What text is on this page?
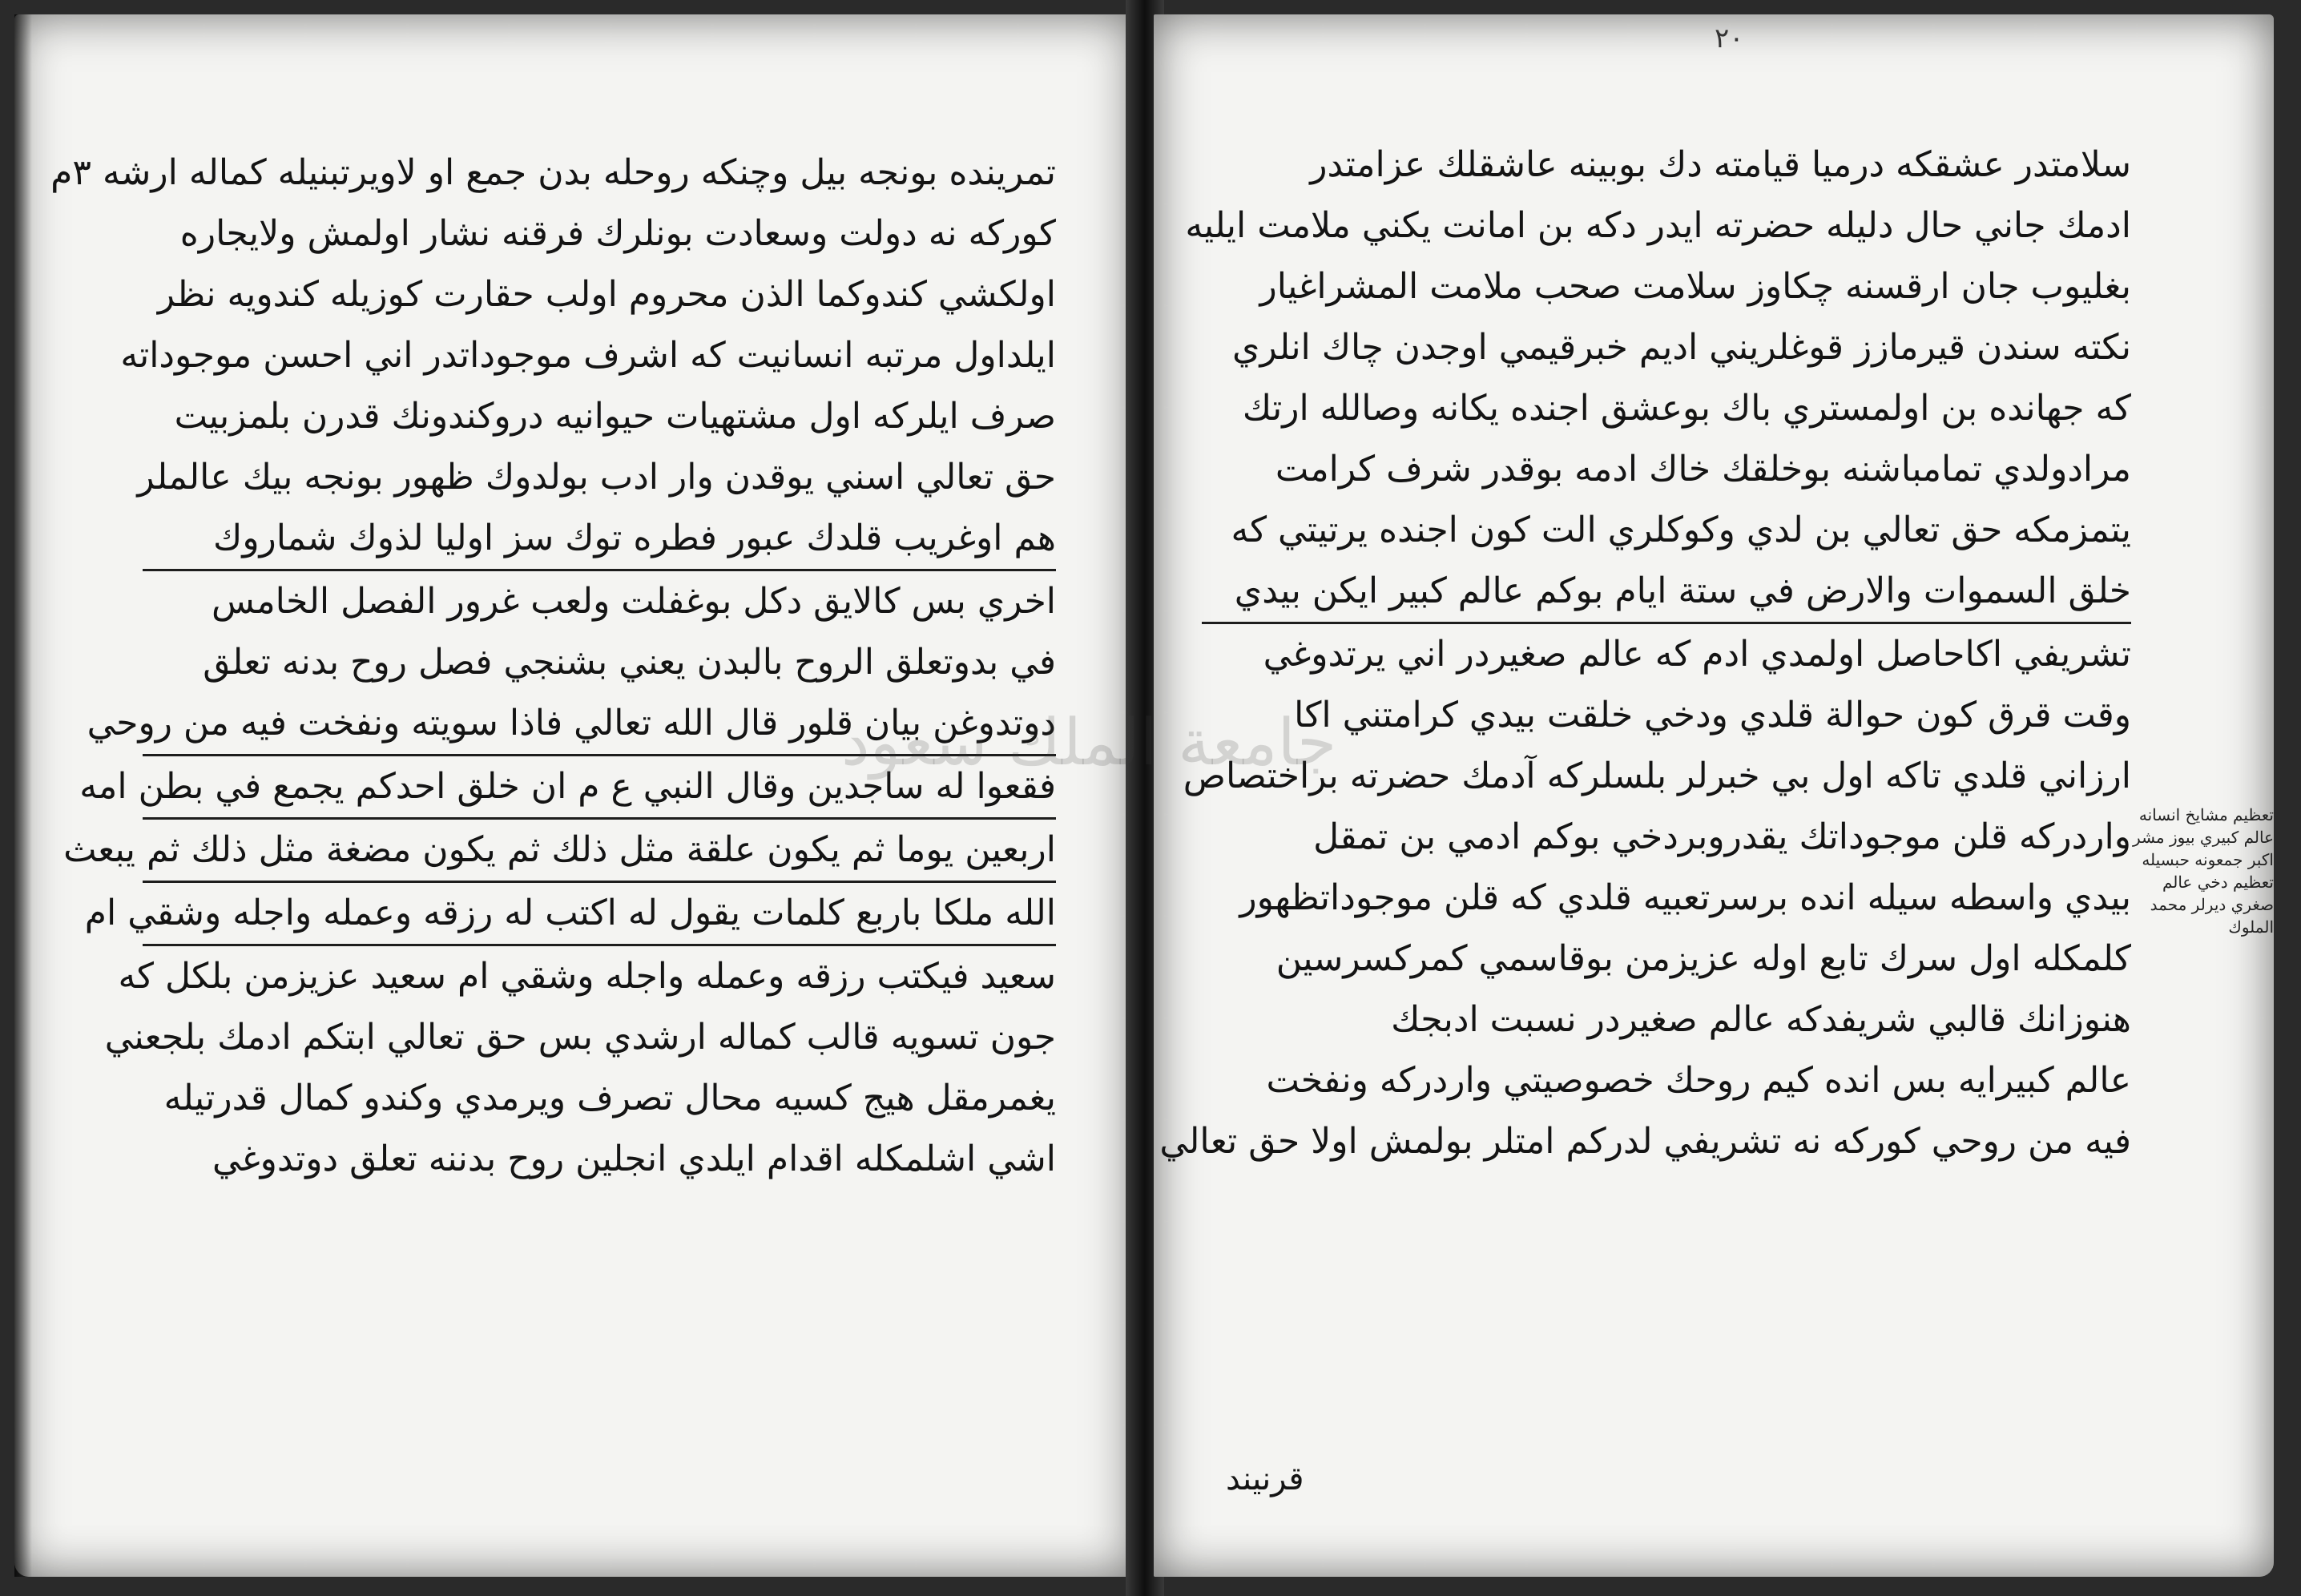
تمرينده بونجه بيل وچنكه روحله بدن جمع او لاويرتبنيله كماله ارشه ٣م
كوركه نه دولت وسعادت بونلرك فرقنه نشار اولمش ولايجاره
اولكشي كندوكما الذن محروم اولب حقارت كوزيله كندويه نظر
ايلداول مرتبه انسانيت كه اشرف موجوداتدر اني احسن موجوداته
صرف ايلركه اول مشتهيات حيوانيه دروكندونك قدرن بلمزبيت
حق تعالي اسني يوقدن وار ادب بولدوك ظهور بونجه بيك عالملر
هم اوغريب قلدك عبور فطره توك سز اوليا لذوك شماروك
اخري بس كالايق دكل بوغفلت ولعب غرور الفصل الخامس
في بدوتعلق الروح بالبدن يعني بشنجي فصل روح بدنه تعلق
دوتدوغن بيان قلور قال الله تعالي فاذا سويته ونفخت فيه من روحي
فقعوا له ساجدين وقال النبي ع م ان خلق احدكم يجمع في بطن امه
اربعين يوما ثم يكون علقة مثل ذلك ثم يكون مضغة مثل ذلك ثم يبعث
الله ملكا باربع كلمات يقول له اكتب له رزقه وعمله واجله وشقي ام
سعيد فيكتب رزقه وعمله واجله وشقي ام سعيد عزيزمن بلكل كه
جون تسويه قالب كماله ارشدي بس حق تعالي ابتكم ادمك بلجعني
يغمرمقل هيج كسيه محال تصرف ويرمدي وكندو كمال قدرتيله
اشي اشلمكله اقدام ايلدي انجلين روح بدننه تعلق دوتدوغي
٢٠
سلامتدر عشقكه درميا قيامته دك بوبينه عاشقلك عزامتدر
ادمك جاني حال دليله حضرته ايدر دكه بن امانت يكني ملامت ايليه
بغليوب جان ارقسنه چكاوز سلامت صحب ملامت المشراغيار
نكته سندن قيرمازز قوغلريني اديم خبرقيمي اوجدن چاك انلري
كه جهانده بن اولمستري باك بوعشق اجنده يكانه وصالله ارتك
مرادولدي تمامباشنه بوخلقك خاك ادمه بوقدر شرف كرامت
يتمزمكه حق تعالي بن لدي وكوكلري الت كون اجنده يرتيتي كه
خلق السموات والارض في ستة ايام بوكم عالم كبير ايكن بيدي
تشريفي اكاحاصل اولمدي ادم كه عالم صغيردر اني يرتدوغي
وقت قرق كون حوالة قلدي ودخي خلقت بيدي كرامتني اكا
ارزاني قلدي تاكه اول بي خبرلر بلسلركه آدمك حضرته براختصاص
واردركه قلن موجوداتك يقدروبردخي بوكم ادمي بن تمقل
بيدي واسطه سيله انده برسرتعبيه قلدي كه قلن موجوداتظهور
كلمكله اول سرك تابع اوله عزيزمن بوقاسمي كمركسرسين
هنوزانك قالبي شريفدكه عالم صغيردر نسبت ادبجك
عالم كبيرايه بس انده كيم روحك خصوصيتي واردركه ونفخت
فيه من روحي كوركه نه تشريفي لدركم امتلر بولمش اولا حق تعالي
قرنيند
تعظيم مشايخ انسانه عالم كبيري بيوز مشر اكبر جمعونه حبسيله تعظيم دخي عالم صغري ديرلر محمد الملوك
جامعة الملك سعود
